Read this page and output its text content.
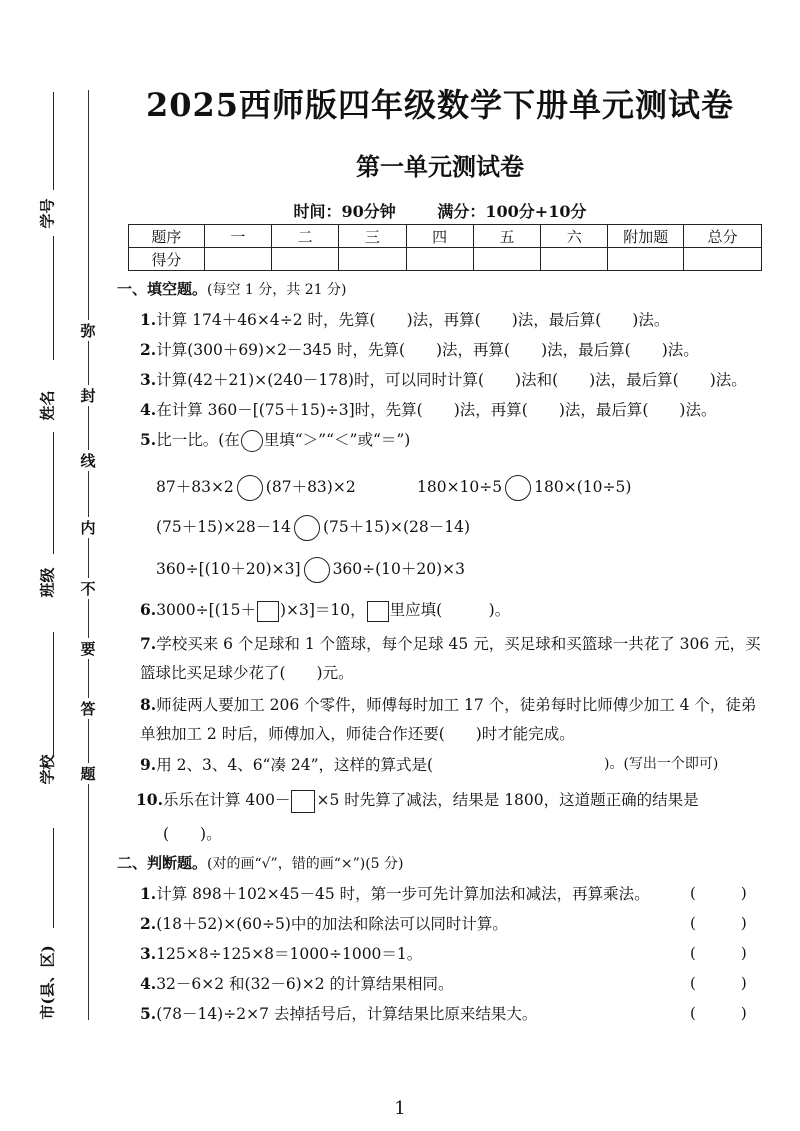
学号
姓名
班级
学校
市(县、区)
弥
封
线
内
不
要
答
题
2025西师版四年级数学下册单元测试卷
第一单元测试卷
时间：90分钟	满分：100分+10分
题序	一	二	三	四	五	六	附加题	总分
得分								
一、填空题。(每空 1 分，共 21 分)
1.计算 174＋46×4÷2 时，先算(　　)法，再算(　　)法，最后算(　　)法。
2.计算(300＋69)×2－345 时，先算(　　)法，再算(　　)法，最后算(　　)法。
3.计算(42＋21)×(240－178)时，可以同时计算(　　)法和(　　)法，最后算(　　)法。
4.在计算 360－[(75＋15)÷3]时，先算(　　)法，再算(　　)法，最后算(　　)法。
5.比一比。(在 里填“＞”“＜”或“＝”)
87＋83×2 (87＋83)×2	180×10÷5 180×(10÷5)
(75＋15)×28－14 (75＋15)×(28－14)
360÷[(10＋20)×3] 360÷(10＋20)×3
6.3000÷[(15＋ )×3]＝10， 里应填(　　　)。
7.学校买来 6 个足球和 1 个篮球，每个足球 45 元，买足球和买篮球一共花了 306 元，买
篮球比买足球少花了(　　)元。
8.师徒两人要加工 206 个零件，师傅每时加工 17 个，徒弟每时比师傅少加工 4 个，徒弟
单独加工 2 时后，师傅加入，师徒合作还要(　　)时才能完成。
9.用 2、3、4、6“凑 24”，这样的算式是(	)。(写出一个即可)
10.乐乐在计算 400－ ×5 时先算了减法，结果是 1800，这道题正确的结果是
(　　)。
二、判断题。(对的画“√”，错的画“×”)(5 分)
1.计算 898＋102×45－45 时，第一步可先计算加法和减法，再算乘法。	(　　　)
2.(18＋52)×(60÷5)中的加法和除法可以同时计算。	(　　　)
3.125×8÷125×8＝1000÷1000＝1。	(　　　)
4.32－6×2 和(32－6)×2 的计算结果相同。	(　　　)
5.(78－14)÷2×7 去掉括号后，计算结果比原来结果大。	(　　　)
1
